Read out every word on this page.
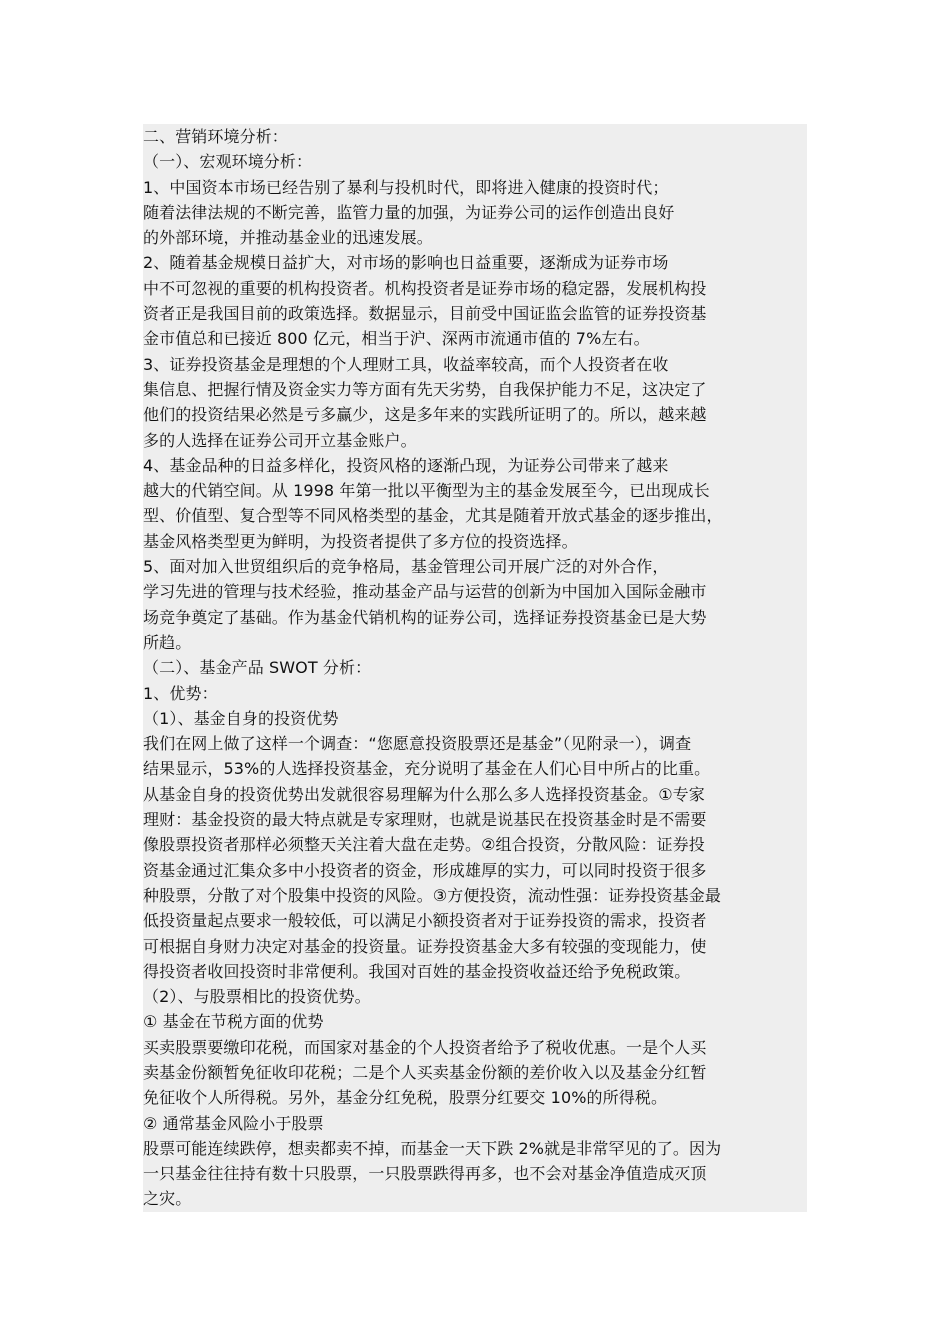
二、营销环境分析：
（一）、宏观环境分析：
1、中国资本市场已经告别了暴利与投机时代，即将进入健康的投资时代；
随着法律法规的不断完善，监管力量的加强，为证券公司的运作创造出良好
的外部环境，并推动基金业的迅速发展。
2、随着基金规模日益扩大，对市场的影响也日益重要，逐渐成为证券市场
中不可忽视的重要的机构投资者。机构投资者是证券市场的稳定器，发展机构投
资者正是我国目前的政策选择。数据显示，目前受中国证监会监管的证券投资基
金市值总和已接近 800 亿元，相当于沪、深两市流通市值的 7%左右。
3、证券投资基金是理想的个人理财工具，收益率较高，而个人投资者在收
集信息、把握行情及资金实力等方面有先天劣势，自我保护能力不足，这决定了
他们的投资结果必然是亏多赢少，这是多年来的实践所证明了的。所以，越来越
多的人选择在证券公司开立基金账户。
4、基金品种的日益多样化，投资风格的逐渐凸现，为证券公司带来了越来
越大的代销空间。从 1998 年第一批以平衡型为主的基金发展至今，已出现成长
型、价值型、复合型等不同风格类型的基金，尤其是随着开放式基金的逐步推出，
基金风格类型更为鲜明，为投资者提供了多方位的投资选择。
5、面对加入世贸组织后的竞争格局，基金管理公司开展广泛的对外合作，
学习先进的管理与技术经验，推动基金产品与运营的创新为中国加入国际金融市
场竞争奠定了基础。作为基金代销机构的证券公司，选择证券投资基金已是大势
所趋。
（二）、基金产品 SWOT 分析：
1、优势：
（1）、基金自身的投资优势
我们在网上做了这样一个调查：“您愿意投资股票还是基金”（见附录一），调查
结果显示，53%的人选择投资基金，充分说明了基金在人们心目中所占的比重。
从基金自身的投资优势出发就很容易理解为什么那么多人选择投资基金。①专家
理财：基金投资的最大特点就是专家理财，也就是说基民在投资基金时是不需要
像股票投资者那样必须整天关注着大盘在走势。②组合投资，分散风险：证券投
资基金通过汇集众多中小投资者的资金，形成雄厚的实力，可以同时投资于很多
种股票，分散了对个股集中投资的风险。③方便投资，流动性强：证券投资基金最
低投资量起点要求一般较低，可以满足小额投资者对于证券投资的需求，投资者
可根据自身财力决定对基金的投资量。证券投资基金大多有较强的变现能力，使
得投资者收回投资时非常便利。我国对百姓的基金投资收益还给予免税政策。
（2）、与股票相比的投资优势。
① 基金在节税方面的优势
买卖股票要缴印花税，而国家对基金的个人投资者给予了税收优惠。一是个人买
卖基金份额暂免征收印花税；二是个人买卖基金份额的差价收入以及基金分红暂
免征收个人所得税。另外，基金分红免税，股票分红要交 10%的所得税。
② 通常基金风险小于股票
股票可能连续跌停，想卖都卖不掉，而基金一天下跌 2%就是非常罕见的了。因为
一只基金往往持有数十只股票，一只股票跌得再多，也不会对基金净值造成灭顶
之灾。
